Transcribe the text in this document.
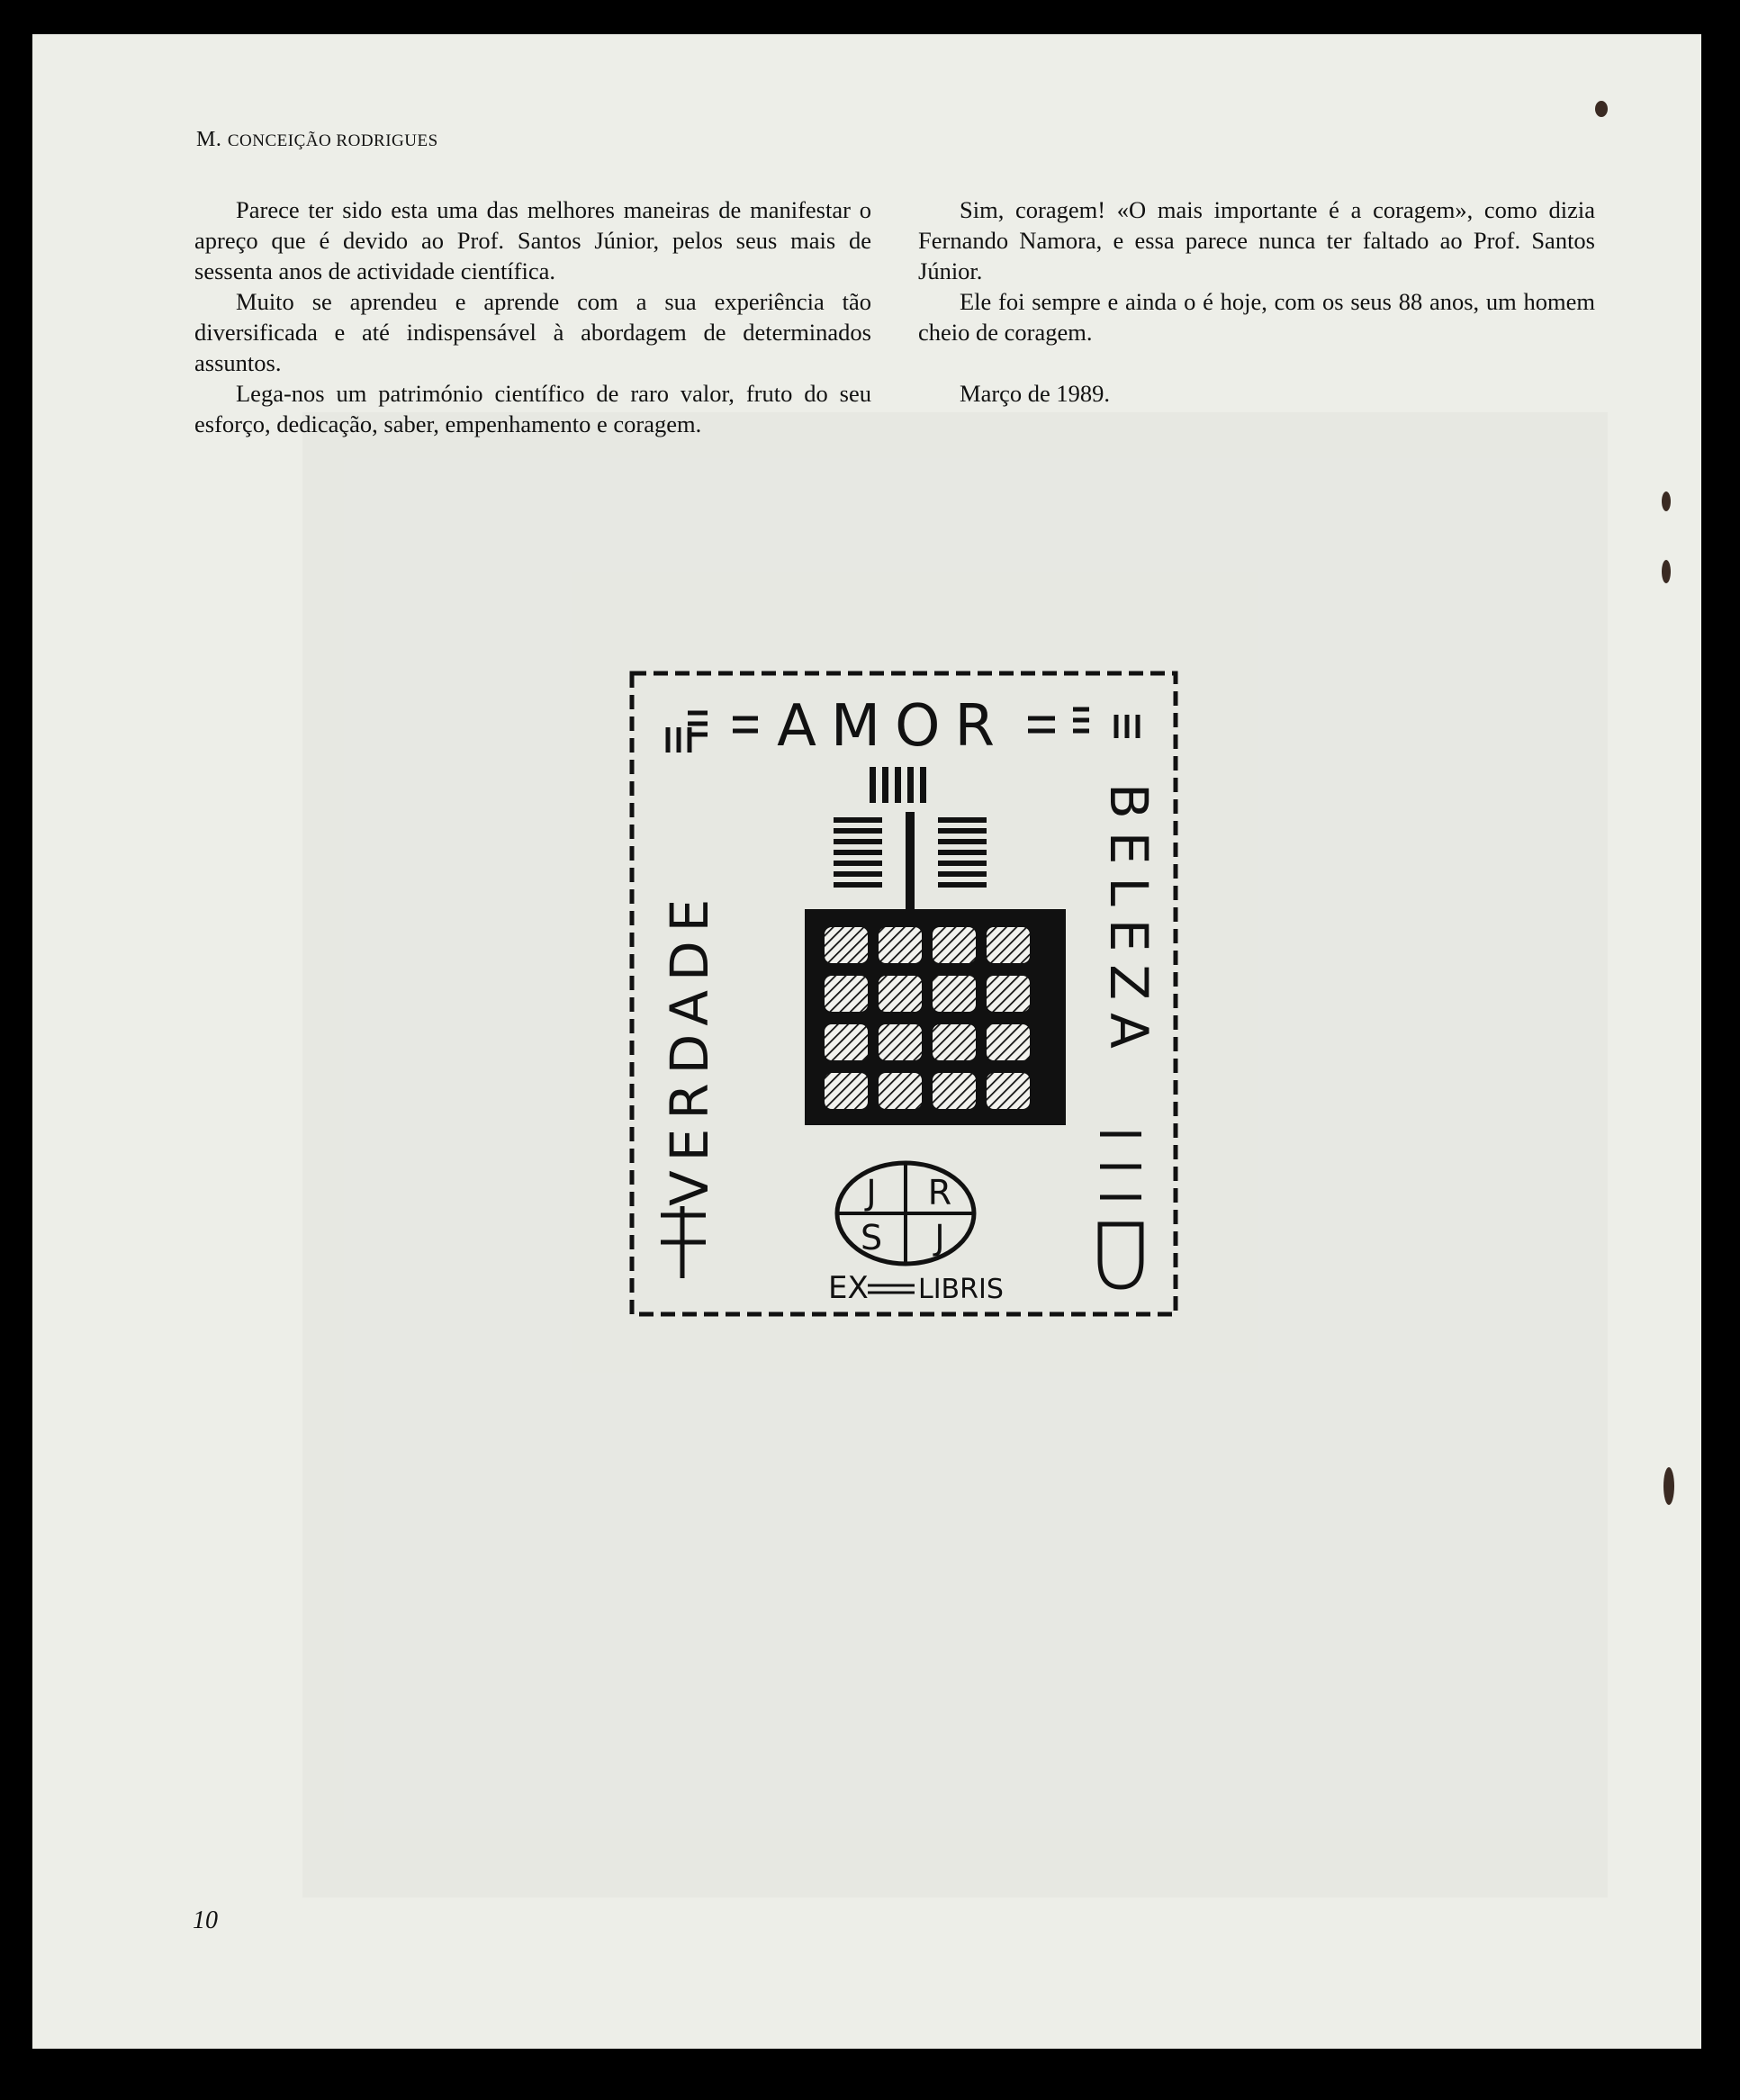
M. CONCEIÇÃO RODRIGUES

Parece ter sido esta uma das melhores maneiras de manifestar o apreço que é devido ao Prof. Santos Júnior, pelos seus mais de sessenta anos de actividade científica.

Muito se aprendeu e aprende com a sua experiência tão diversificada e até indispensável à abordagem de determinados assuntos.

Lega-nos um património científico de raro valor, fruto do seu esforço, dedicação, saber, empenhamento e coragem.

Sim, coragem! «O mais importante é a coragem», como dizia Fernando Namora, e essa parece nunca ter faltado ao Prof. Santos Júnior.

Ele foi sempre e ainda o é hoje, com os seus 88 anos, um homem cheio de coragem.

Março de 1989.

AMOR
VERDADE	BELEZA
J R
S J
EX LIBRIS
10
